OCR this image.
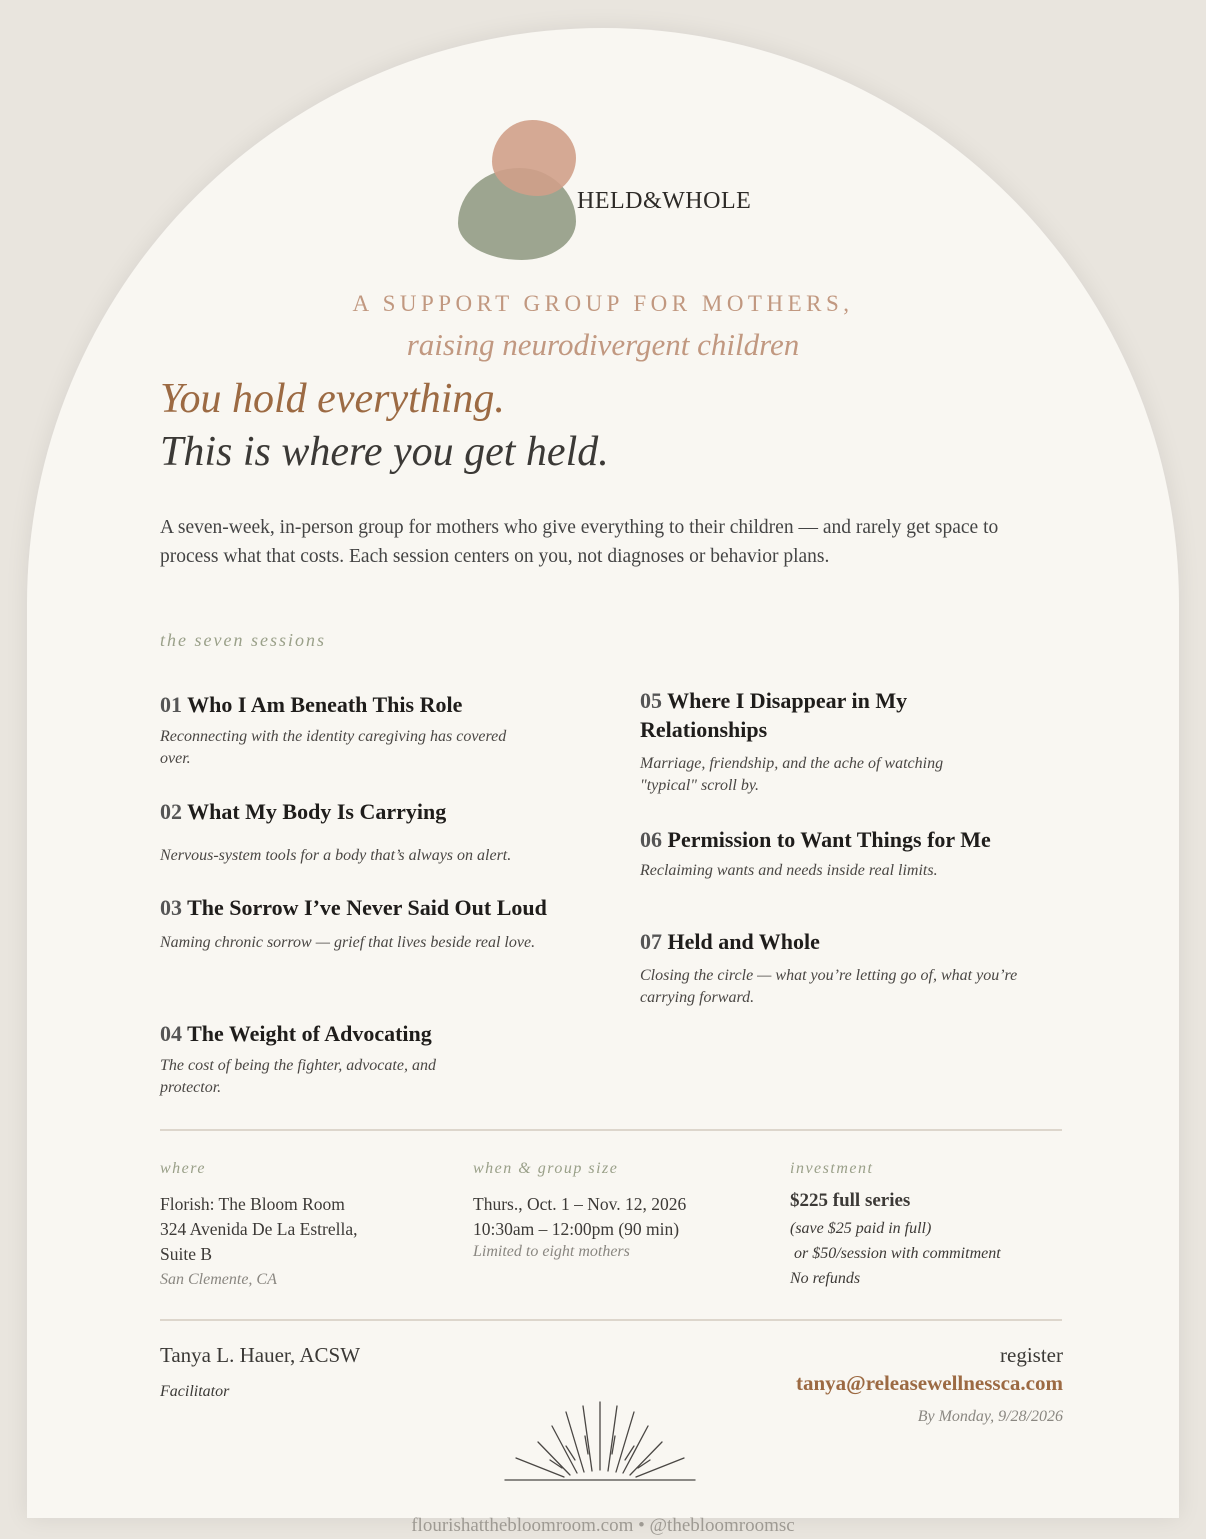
HELD&WHOLE
A SUPPORT GROUP FOR MOTHERS,
raising neurodivergent children
You hold everything.
This is where you get held.
A seven-week, in-person group for mothers who give everything to their children — and rarely get space to process what that costs. Each session centers on you, not diagnoses or behavior plans.
the seven sessions
01 Who I Am Beneath This Role
Reconnecting with the identity caregiving has covered over.
02 What My Body Is Carrying
Nervous-system tools for a body that’s always on alert.
03 The Sorrow I’ve Never Said Out Loud
Naming chronic sorrow — grief that lives beside real love.
04 The Weight of Advocating
The cost of being the fighter, advocate, and protector.
05 Where I Disappear in My Relationships
Marriage, friendship, and the ache of watching "typical" scroll by.
06 Permission to Want Things for Me
Reclaiming wants and needs inside real limits.
07 Held and Whole
Closing the circle — what you’re letting go of, what you’re carrying forward.
where
Florish: The Bloom Room
324 Avenida De La Estrella,
Suite B
San Clemente, CA
when & group size
Thurs., Oct. 1 – Nov. 12, 2026
10:30am – 12:00pm (90 min)
Limited to eight mothers
investment
$225 full series
(save $25 paid in full)
or $50/session with commitment
No refunds
Tanya L. Hauer, ACSW
Facilitator
register
tanya@releasewellnessca.com
By Monday, 9/28/2026
flourishatthebloomroom.com • @thebloomroomsc
